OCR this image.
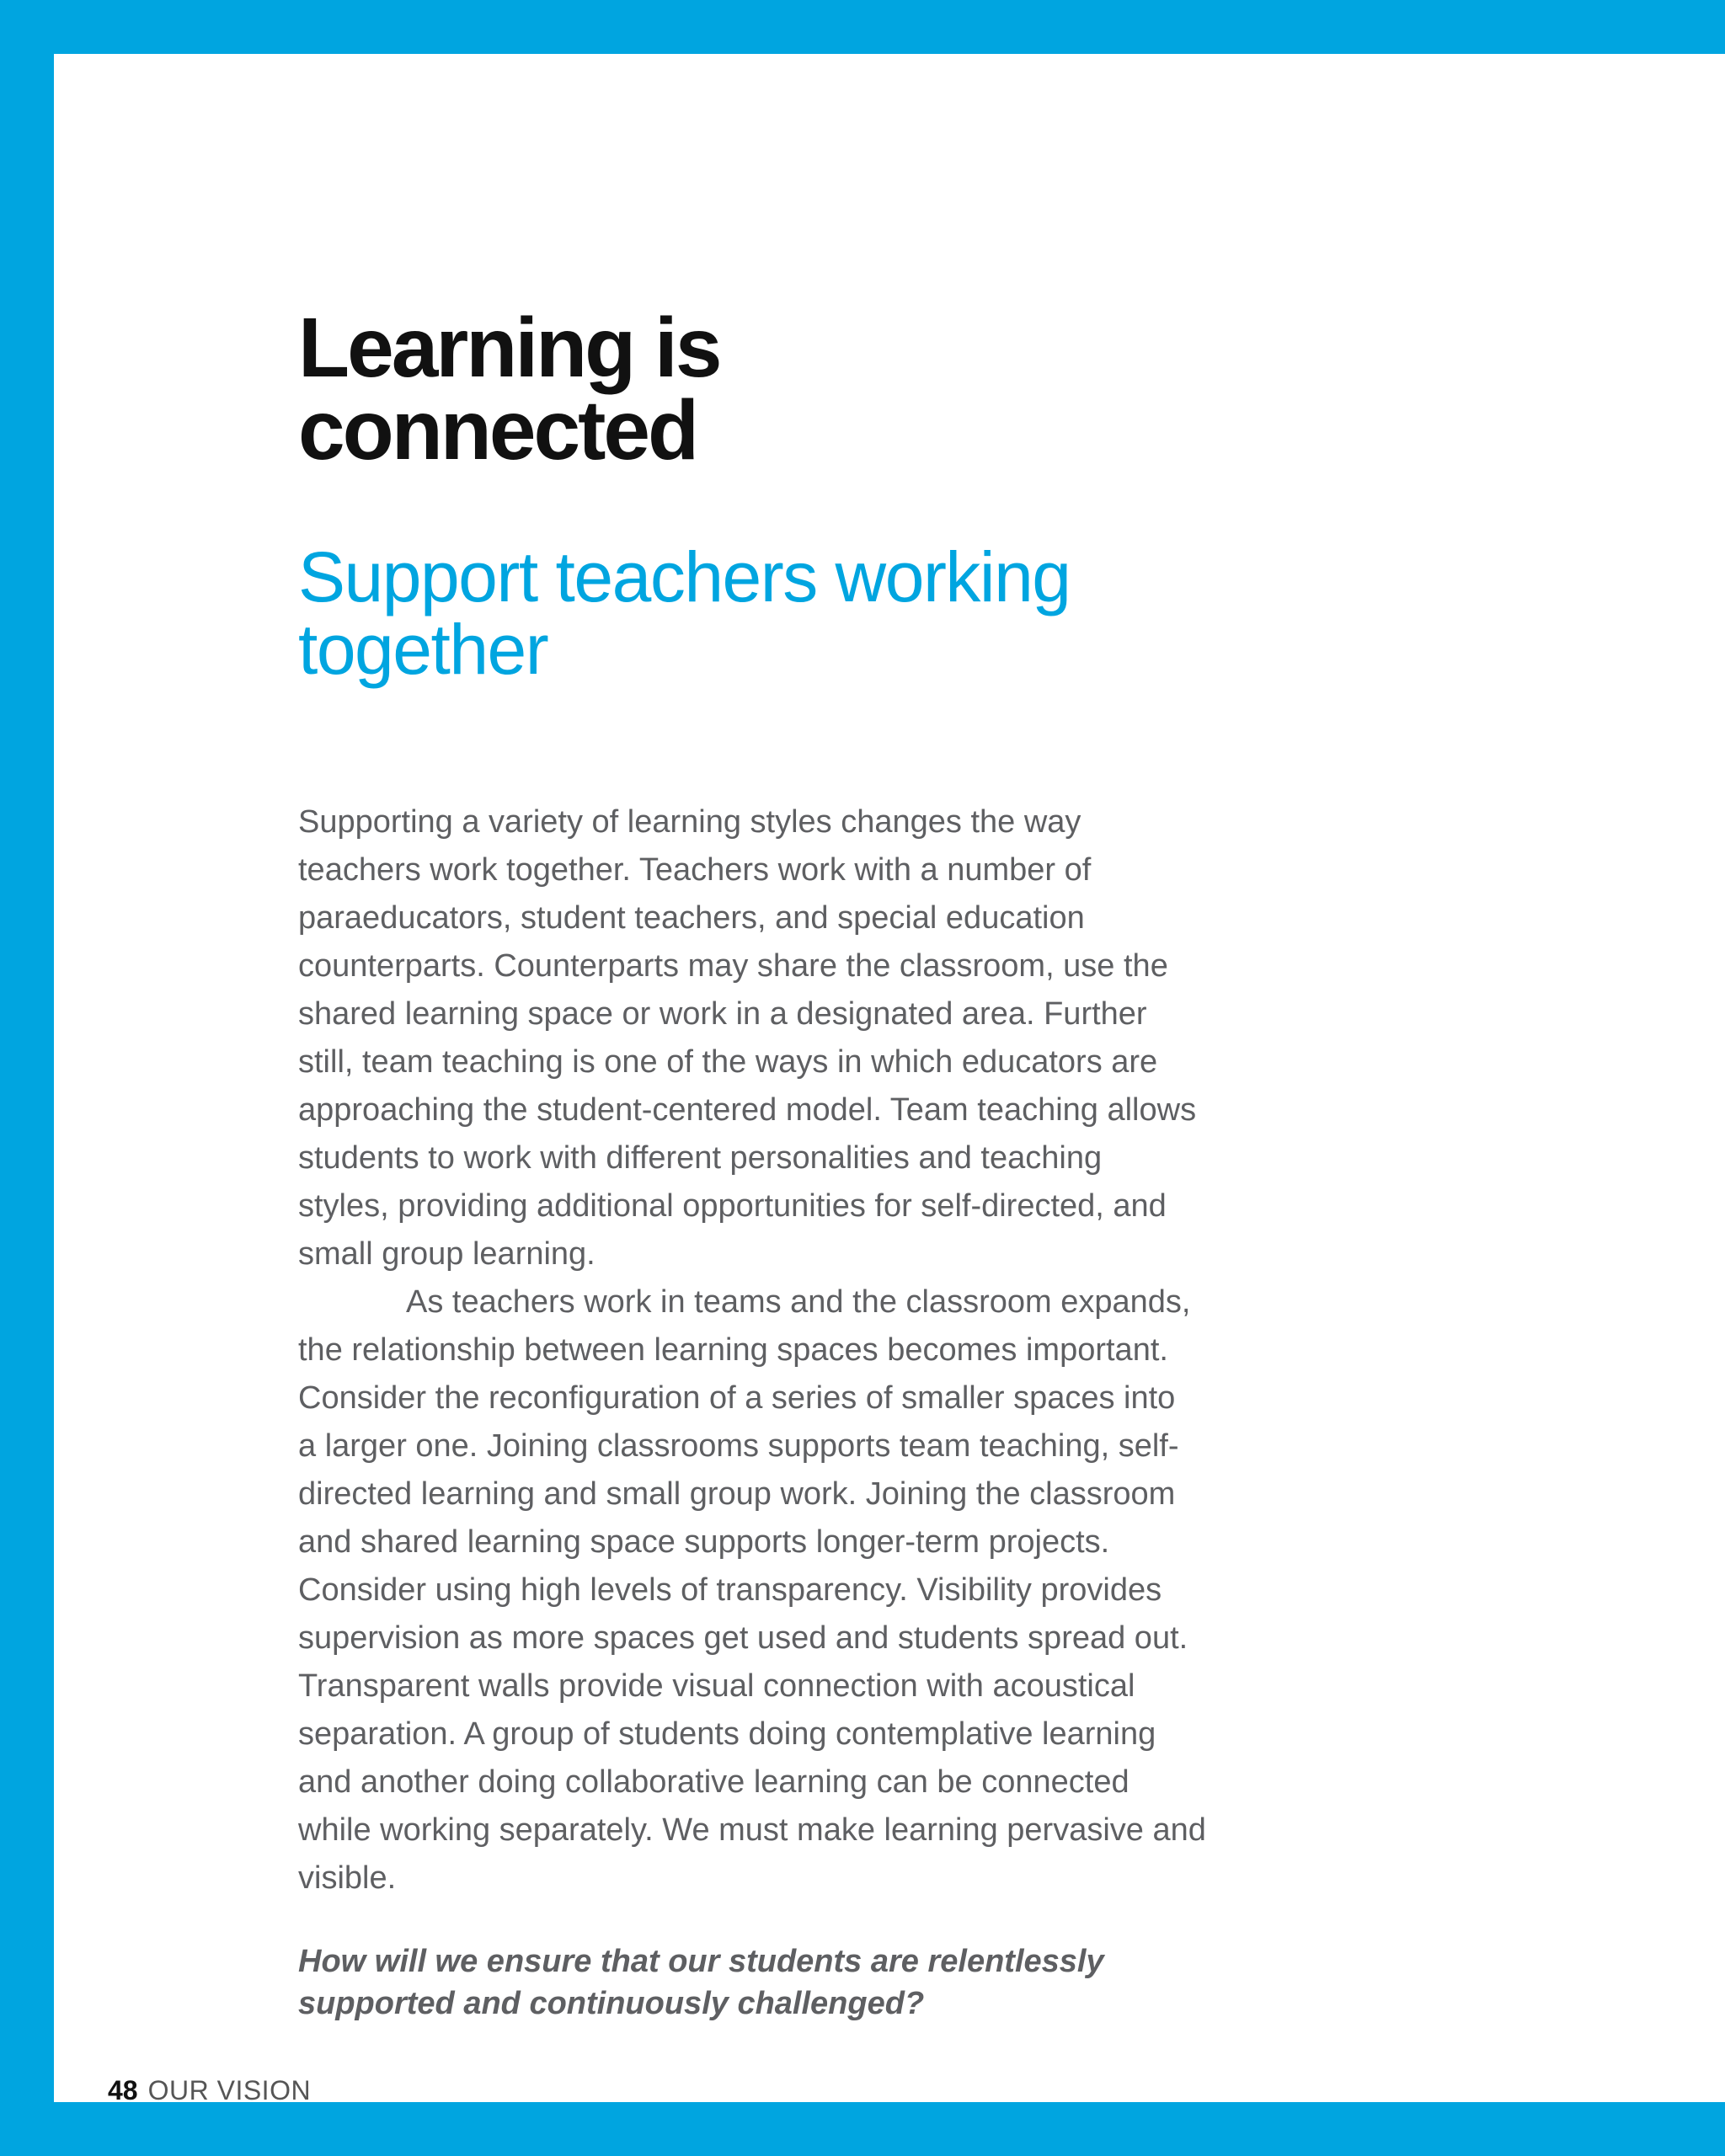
Learning is
connected
Support teachers working
together
Supporting a variety of learning styles changes the way
teachers work together. Teachers work with a number of
paraeducators, student teachers, and special education
counterparts. Counterparts may share the classroom, use the
shared learning space or work in a designated area. Further
still, team teaching is one of the ways in which educators are
approaching the student-centered model. Team teaching allows
students to work with different personalities and teaching
styles, providing additional opportunities for self-directed, and
small group learning.
As teachers work in teams and the classroom expands,
the relationship between learning spaces becomes important.
Consider the reconfiguration of a series of smaller spaces into
a larger one. Joining classrooms supports team teaching, self-
directed learning and small group work. Joining the classroom
and shared learning space supports longer-term projects.
Consider using high levels of transparency. Visibility provides
supervision as more spaces get used and students spread out.
Transparent walls provide visual connection with acoustical
separation. A group of students doing contemplative learning
and another doing collaborative learning can be connected
while working separately. We must make learning pervasive and
visible.
How will we ensure that our students are relentlessly
supported and continuously challenged?
48 OUR VISION
